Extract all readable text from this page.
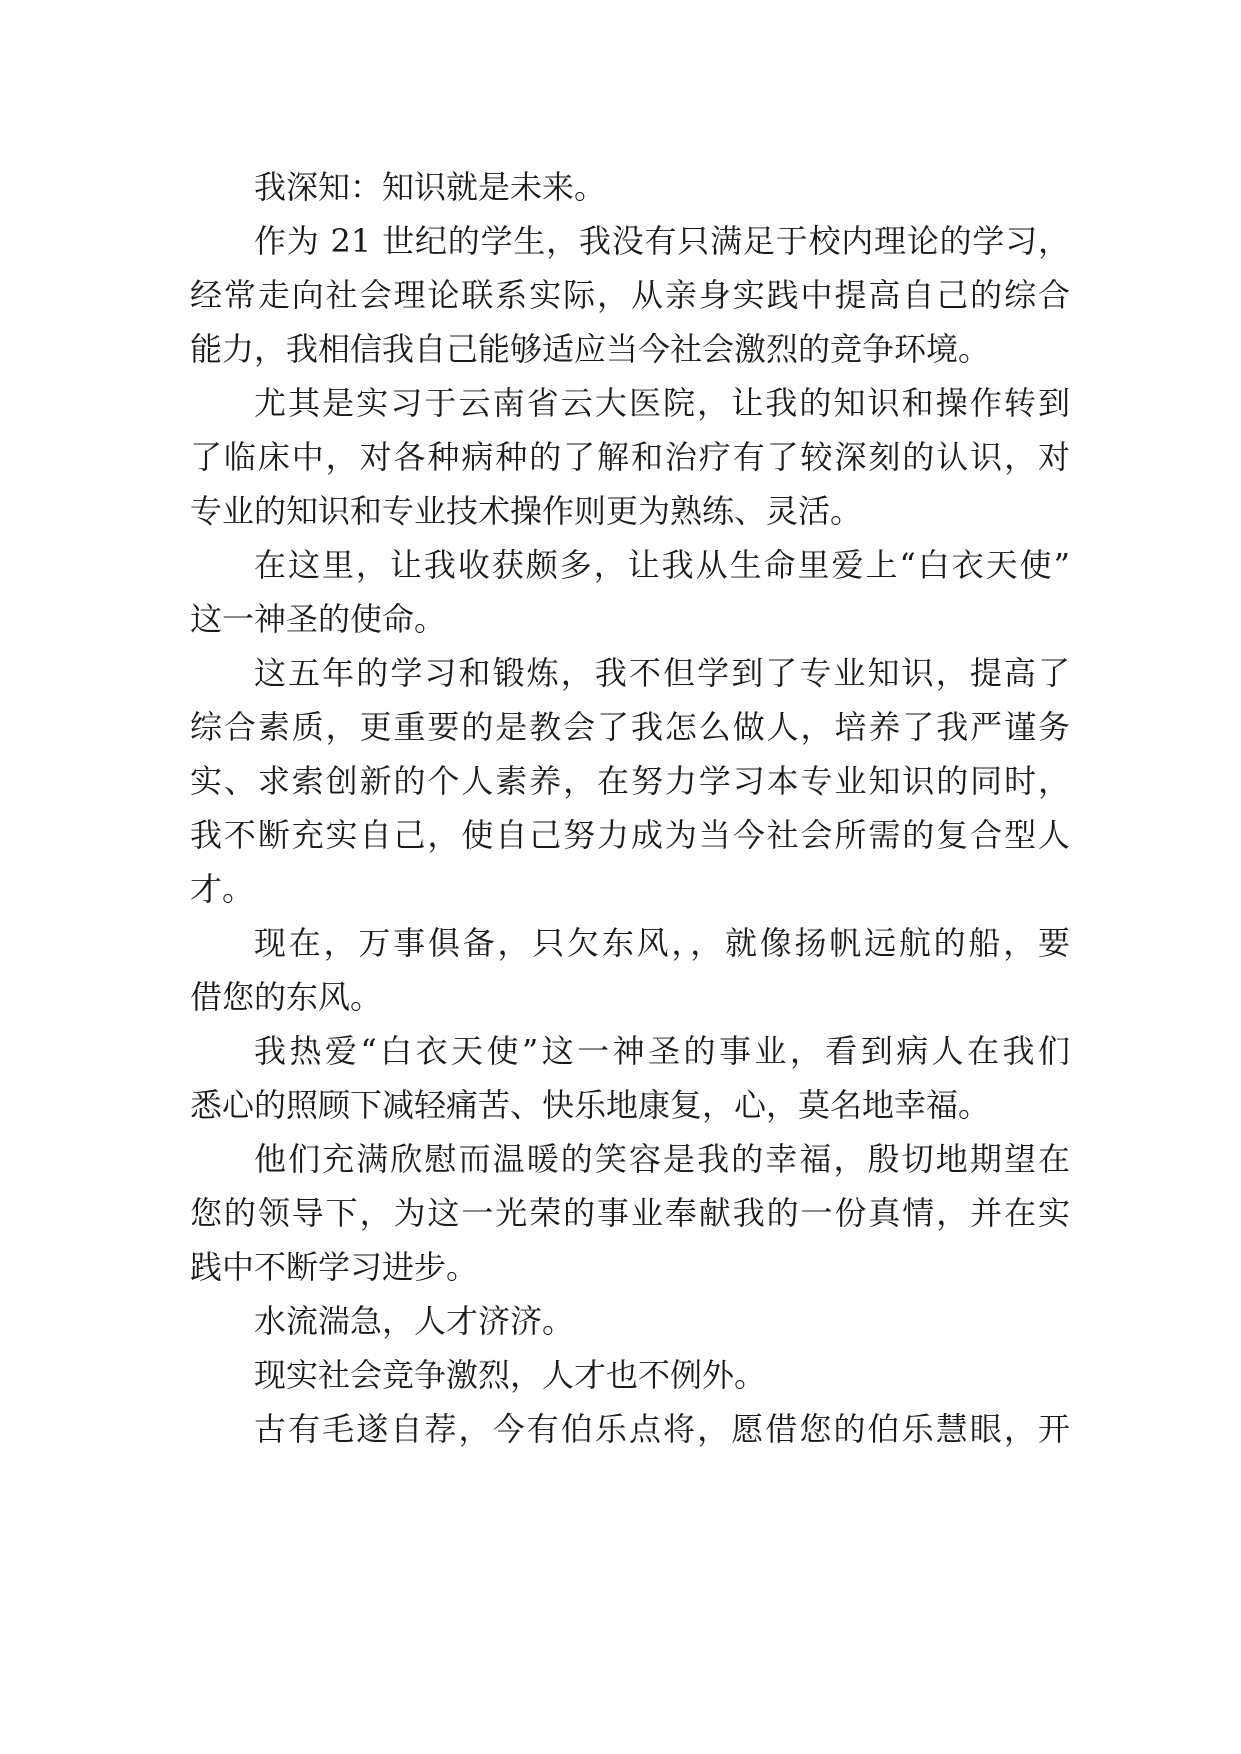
我深知：知识就是未来。
作为 21 世纪的学生，我没有只满足于校内理论的学习，
经常走向社会理论联系实际，从亲身实践中提高自己的综合
能力，我相信我自己能够适应当今社会激烈的竞争环境。
尤其是实习于云南省云大医院，让我的知识和操作转到
了临床中，对各种病种的了解和治疗有了较深刻的认识，对
专业的知识和专业技术操作则更为熟练、灵活。
在这里，让我收获颇多，让我从生命里爱上“白衣天使”
这一神圣的使命。
这五年的学习和锻炼，我不但学到了专业知识，提高了
综合素质，更重要的是教会了我怎么做人，培养了我严谨务
实、求索创新的个人素养，在努力学习本专业知识的同时，
我不断充实自己，使自己努力成为当今社会所需的复合型人
才。
现在，万事俱备，只欠东风，，就像扬帆远航的船，要
借您的东风。
我热爱“白衣天使”这一神圣的事业，看到病人在我们
悉心的照顾下减轻痛苦、快乐地康复，心，莫名地幸福。
他们充满欣慰而温暖的笑容是我的幸福，殷切地期望在
您的领导下，为这一光荣的事业奉献我的一份真情，并在实
践中不断学习进步。
水流湍急，人才济济。
现实社会竞争激烈，人才也不例外。
古有毛遂自荐，今有伯乐点将，愿借您的伯乐慧眼，开
